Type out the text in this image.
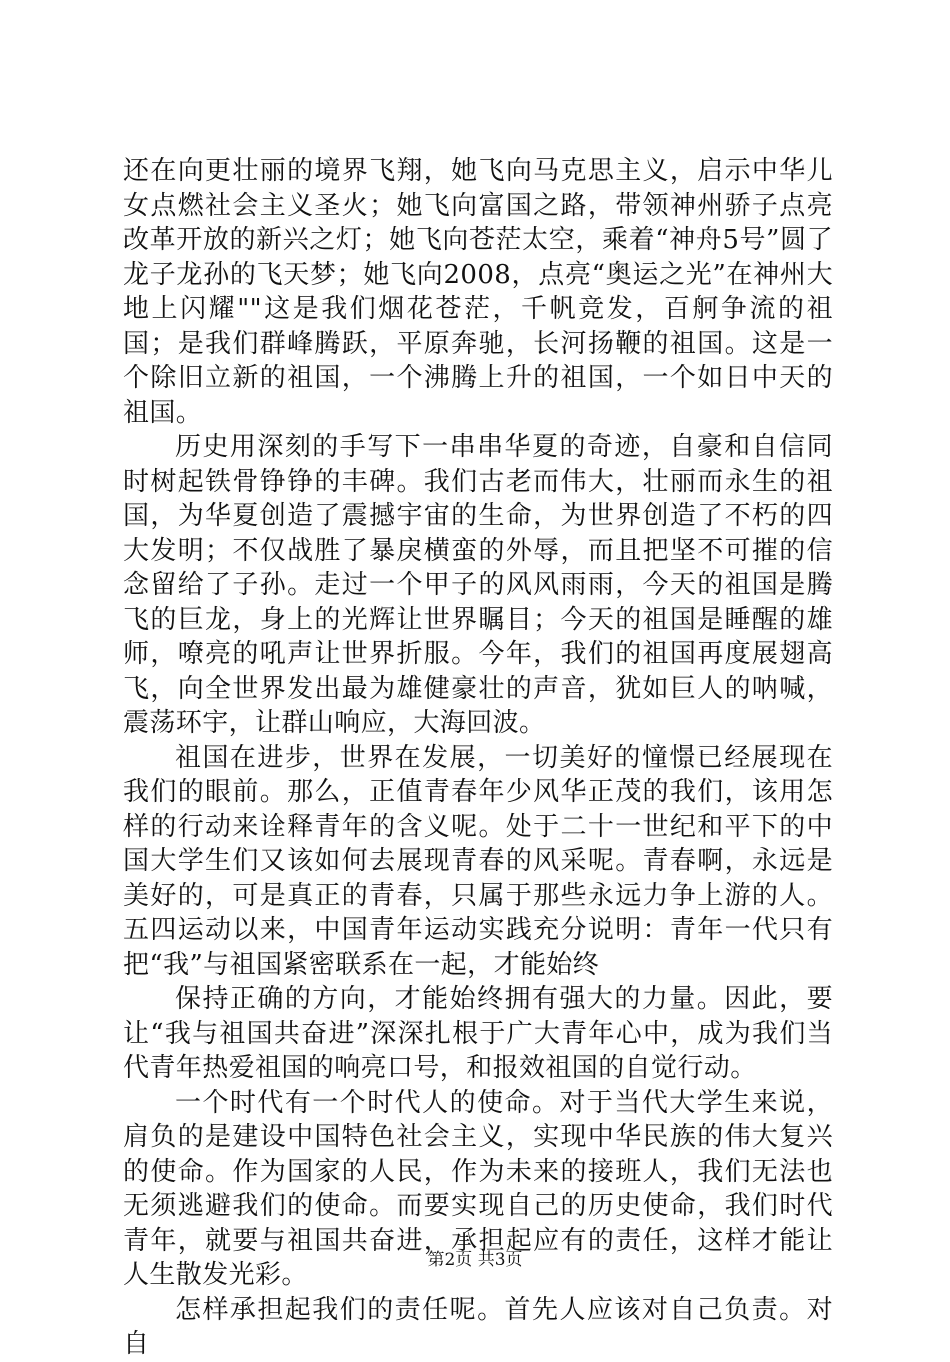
还在向更壮丽的境界飞翔，她飞向马克思主义，启示中华儿女点燃社会主义圣火；她飞向富国之路，带领神州骄子点亮改革开放的新兴之灯；她飞向苍茫太空，乘着“神舟5号”圆了龙子龙孙的飞天梦；她飞向2008，点亮“奥运之光”在神州大地上闪耀""这是我们烟花苍茫，千帆竞发，百舸争流的祖国；是我们群峰腾跃，平原奔驰，长河扬鞭的祖国。这是一个除旧立新的祖国，一个沸腾上升的祖国，一个如日中天的祖国。

历史用深刻的手写下一串串华夏的奇迹，自豪和自信同时树起铁骨铮铮的丰碑。我们古老而伟大，壮丽而永生的祖国，为华夏创造了震撼宇宙的生命，为世界创造了不朽的四大发明；不仅战胜了暴戾横蛮的外辱，而且把坚不可摧的信念留给了子孙。走过一个甲子的风风雨雨，今天的祖国是腾飞的巨龙，身上的光辉让世界瞩目；今天的祖国是睡醒的雄师，嘹亮的吼声让世界折服。今年，我们的祖国再度展翅高飞，向全世界发出最为雄健豪壮的声音，犹如巨人的呐喊，震荡环宇，让群山响应，大海回波。

祖国在进步，世界在发展，一切美好的憧憬已经展现在我们的眼前。那么，正值青春年少风华正茂的我们，该用怎样的行动来诠释青年的含义呢。处于二十一世纪和平下的中国大学生们又该如何去展现青春的风采呢。青春啊，永远是美好的，可是真正的青春，只属于那些永远力争上游的人。五四运动以来，中国青年运动实践充分说明：青年一代只有把“我”与祖国紧密联系在一起，才能始终

保持正确的方向，才能始终拥有强大的力量。因此，要让“我与祖国共奋进”深深扎根于广大青年心中，成为我们当代青年热爱祖国的响亮口号，和报效祖国的自觉行动。

一个时代有一个时代人的使命。对于当代大学生来说，肩负的是建设中国特色社会主义，实现中华民族的伟大复兴的使命。作为国家的人民，作为未来的接班人，我们无法也无须逃避我们的使命。而要实现自己的历史使命，我们时代青年，就要与祖国共奋进，承担起应有的责任，这样才能让人生散发光彩。

怎样承担起我们的责任呢。首先人应该对自己负责。对自

第2页 共3页
